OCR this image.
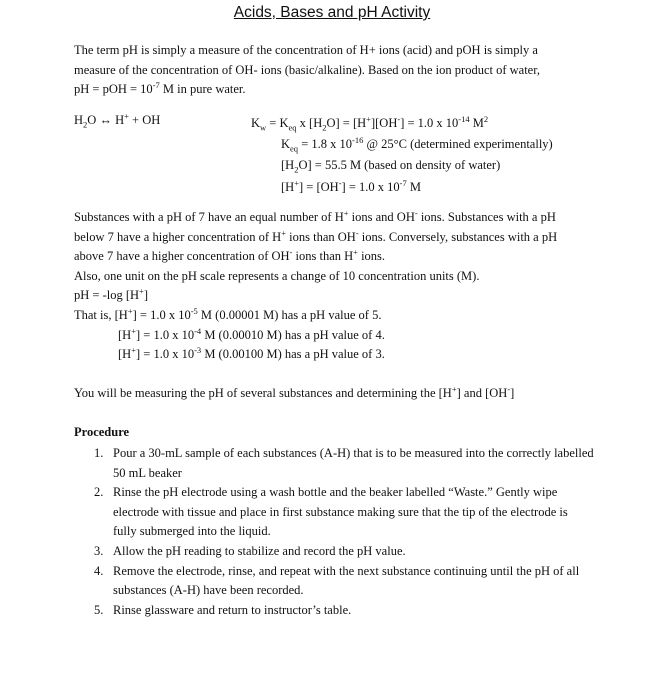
Acids, Bases and pH Activity

The term pH is simply a measure of the concentration of H+ ions (acid) and pOH is simply a
measure of the concentration of OH- ions (basic/alkaline). Based on the ion product of water,
pH = pOH = $10^{-7}$ M in pure water.

$H_2O$ ↔ H+ + OH	$K_w = K_{eq}$ x $[H_2O] = [H^+][OH^-] = 1.0$ x $10^{-14}$ $M^2$
$K_{eq} = 1.8$ x $10^{-16}$ @ 25°C (determined experimentally)
$[H_2O] = 55.5$ M (based on density of water)
[H+] = [OH-] = 1.0 x $10^{-7}$ M

Substances with a pH of 7 have an equal number of H+ ions and OH- ions. Substances with a pH
below 7 have a higher concentration of H+ ions than OH- ions. Conversely, substances with a pH
above 7 have a higher concentration of OH- ions than H+ ions.
Also, one unit on the pH scale represents a change of 10 concentration units (M).
pH = -log [H+]
That is, [H+] = 1.0 x $10^{-5}$ M (0.00001 M) has a pH value of 5.
[H+] = 1.0 x $10^{-4}$ M (0.00010 M) has a pH value of 4.
[H+] = 1.0 x $10^{-3}$ M (0.00100 M) has a pH value of 3.

You will be measuring the pH of several substances and determining the [H+] and [OH-]

Procedure
1. Pour a 30-mL sample of each substances (A-H) that is to be measured into the correctly labelled 50 mL beaker
2. Rinse the pH electrode using a wash bottle and the beaker labelled “Waste.” Gently wipe electrode with tissue and place in first substance making sure that the tip of the electrode is fully submerged into the liquid.
3. Allow the pH reading to stabilize and record the pH value.
4. Remove the electrode, rinse, and repeat with the next substance continuing until the pH of all substances (A-H) have been recorded.
5. Rinse glassware and return to instructor’s table.
